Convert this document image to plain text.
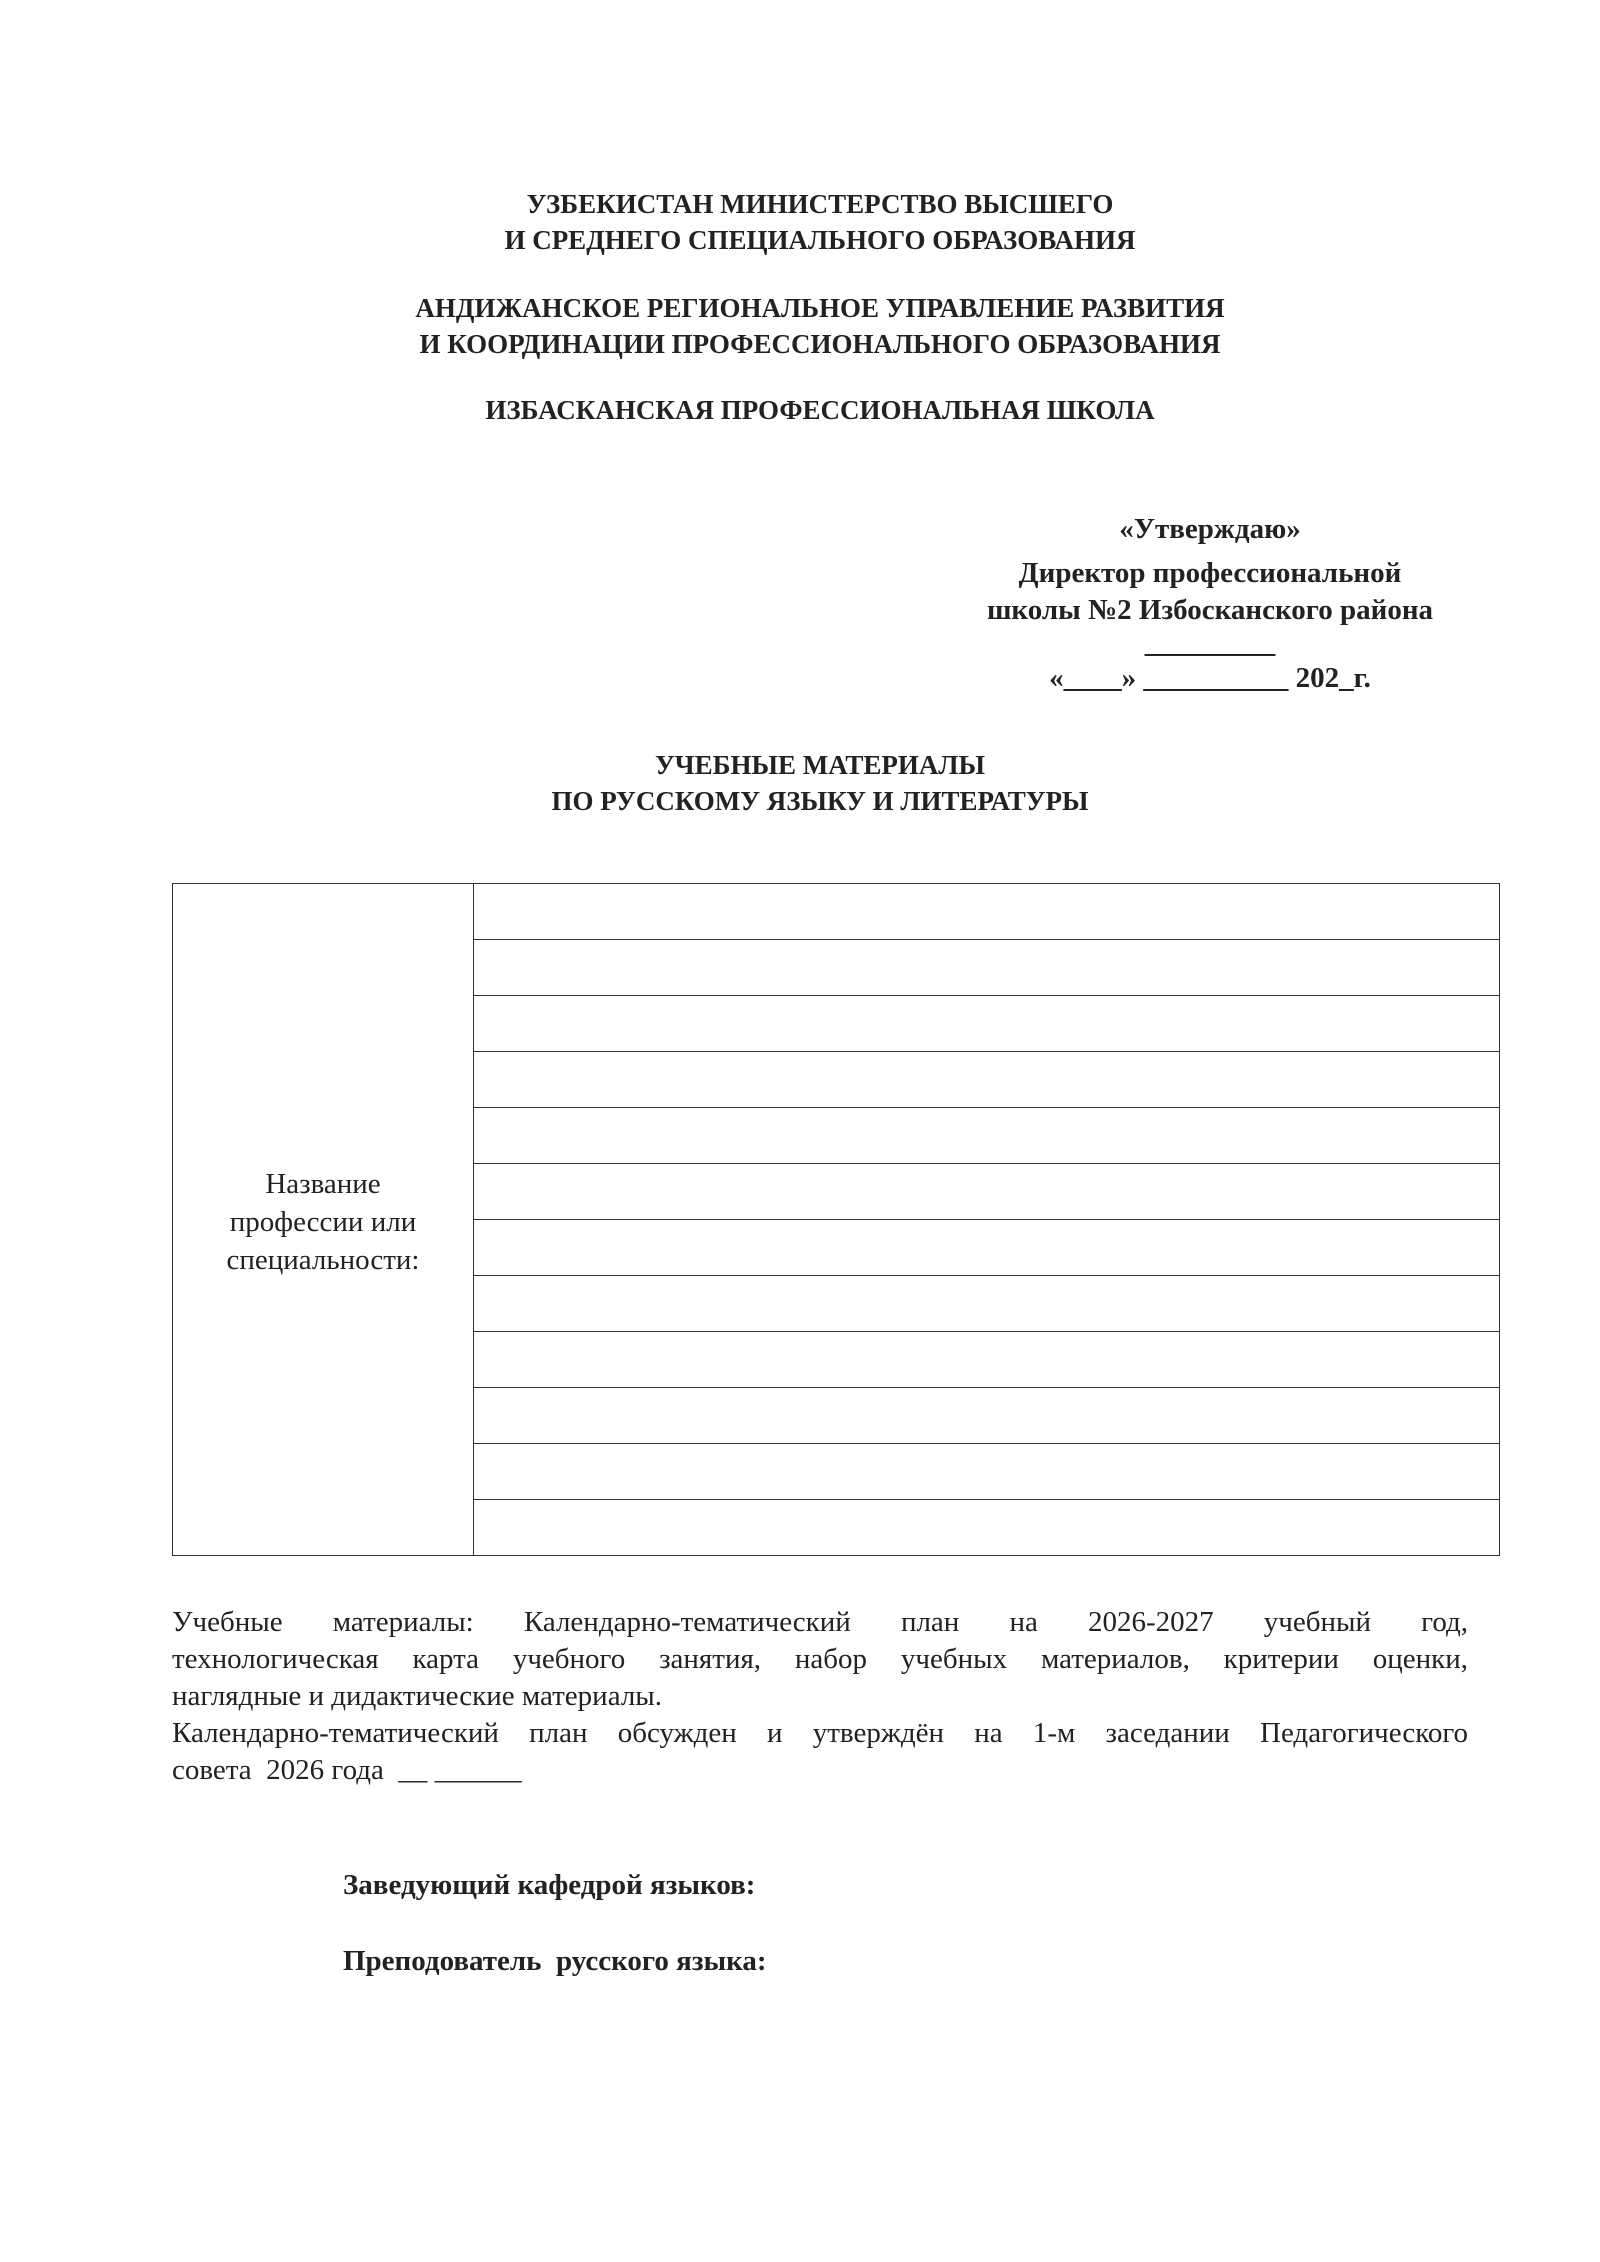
УЗБЕКИСТАН МИНИСТЕРСТВО ВЫСШЕГО
И СРЕДНЕГО СПЕЦИАЛЬНОГО ОБРАЗОВАНИЯ
АНДИЖАНСКОЕ РЕГИОНАЛЬНОЕ УПРАВЛЕНИЕ РАЗВИТИЯ
И КООРДИНАЦИИ ПРОФЕССИОНАЛЬНОГО ОБРАЗОВАНИЯ
ИЗБАСКАНСКАЯ ПРОФЕССИОНАЛЬНАЯ ШКОЛА
«Утверждаю»
Директор профессиональной
школы №2 Избосканского района
_________
«____» __________ 202_г.
УЧЕБНЫЕ МАТЕРИАЛЫ
ПО РУССКОМУ ЯЗЫКУ И ЛИТЕРАТУРЫ
Название
профессии или
специальности:

Учебные материалы: Календарно-тематический план на 2026-2027 учебный год,
технологическая карта учебного занятия, набор учебных материалов, критерии оценки,
наглядные и дидактические материалы.
Календарно-тематический план обсужден и утверждён на 1-м заседании Педагогического
совета  2026 года  __ ______
Заведующий кафедрой языков:
Преподователь  русского языка:
